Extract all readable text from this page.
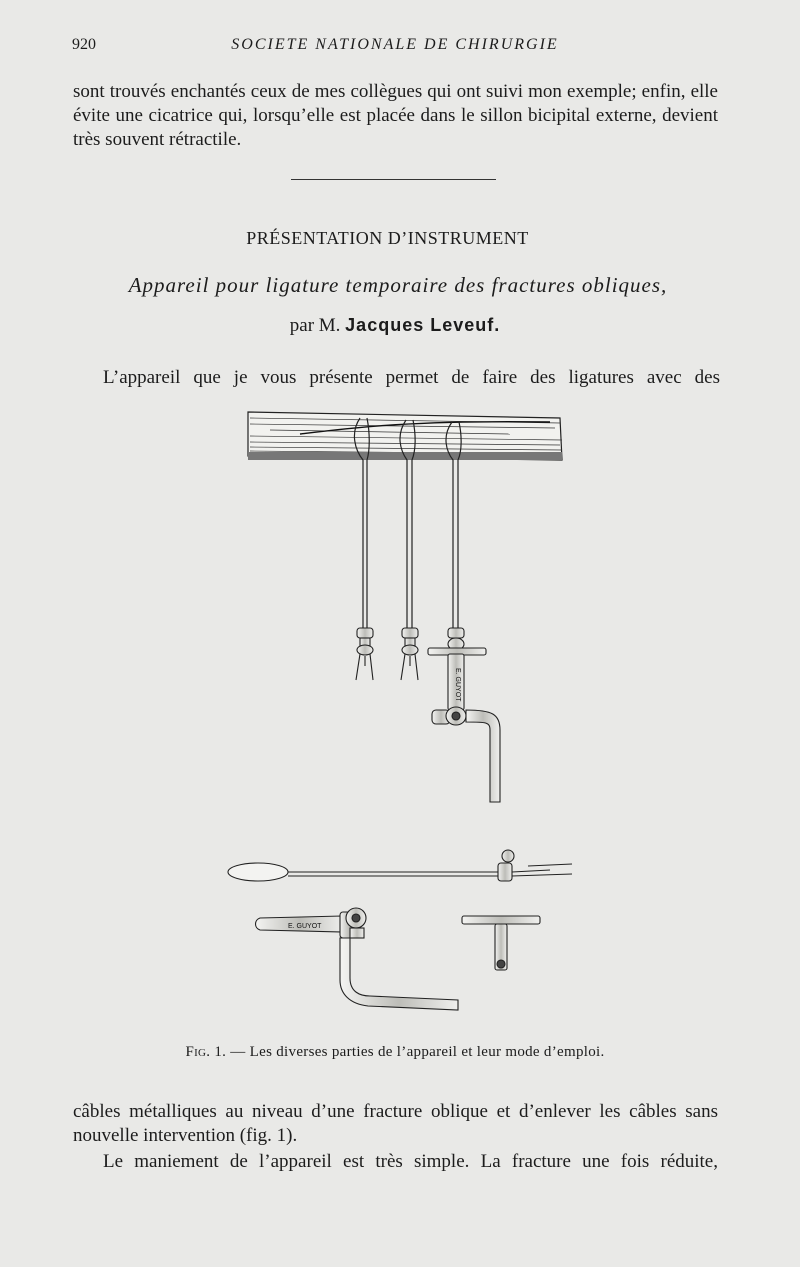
920	SOCIETE NATIONALE DE CHIRURGIE
sont trouvés enchantés ceux de mes collègues qui ont suivi mon exemple; enfin, elle évite une cicatrice qui, lorsqu’elle est placée dans le sillon bicipital externe, devient très souvent rétractile.
PRÉSENTATION D’INSTRUMENT
Appareil pour ligature temporaire des fractures obliques,
par M. Jacques Leveuf.
L’appareil que je vous présente permet de faire des ligatures avec des
E. GUYOT
E. GUYOT
Fig. 1. — Les diverses parties de l’appareil et leur mode d’emploi.
câbles métalliques au niveau d’une fracture oblique et d’enlever les câbles sans nouvelle intervention (fig. 1).
Le maniement de l’appareil est très simple. La fracture une fois réduite,
